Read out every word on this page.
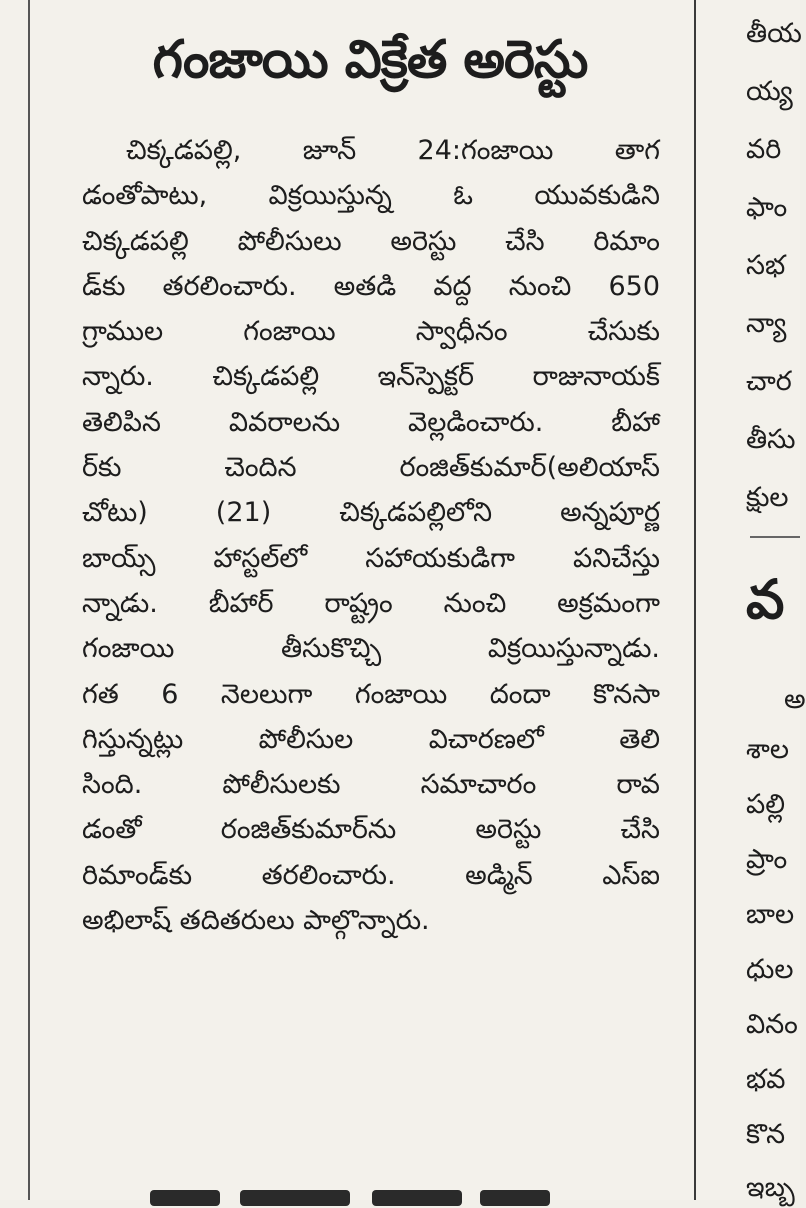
గంజాయి విక్రేత అరెస్టు
చిక్కడపల్లి, జూన్ 24:గంజాయి తాగ
డంతోపాటు, విక్రయిస్తున్న ఓ యువకుడిని
చిక్కడపల్లి పోలీసులు అరెస్టు చేసి రిమాం
డ్‌కు తరలించారు. అతడి వద్ద నుంచి 650
గ్రాముల గంజాయి స్వాధీనం చేసుకు
న్నారు. చిక్కడపల్లి ఇన్‌స్పెక్టర్ రాజునాయక్
తెలిపిన వివరాలను వెల్లడించారు. బీహా
ర్‌కు చెందిన రంజిత్‌కుమార్(అలియాస్
చోటు) (21) చిక్కడపల్లిలోని అన్నపూర్ణ
బాయ్స్ హాస్టల్‌లో సహాయకుడిగా పనిచేస్తు
న్నాడు. బీహార్ రాష్ట్రం నుంచి అక్రమంగా
గంజాయి తీసుకొచ్చి విక్రయిస్తున్నాడు.
గత 6 నెలలుగా గంజాయి దందా కొనసా
గిస్తున్నట్లు పోలీసుల విచారణలో తెలి
సింది. పోలీసులకు సమాచారం రావ
డంతో రంజిత్‌కుమార్‌ను అరెస్టు చేసి
రిమాండ్‌కు తరలించారు. అడ్మిన్ ఎస్ఐ
అభిలాష్ తదితరులు పాల్గొన్నారు.
తీయ
య్య
వరి
ఫాం
సభ
న్యా
చార
తీసు
క్షుల
వ
అ
శాల
పల్లి
ప్రాం
బాల
ధుల
వినం
భవ
కొన
ఇబ్బ
